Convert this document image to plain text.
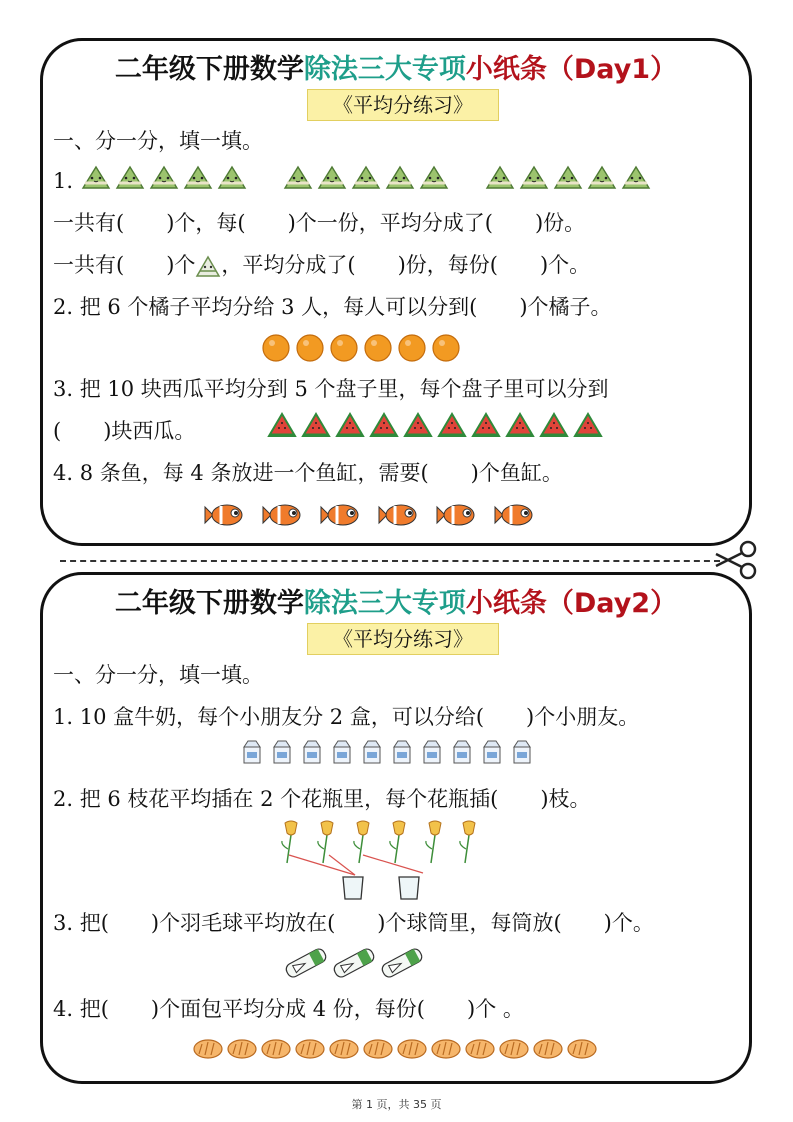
二年级下册数学除法三大专项小纸条（Day1）
《平均分练习》
一、分一分，填一填。
1.
一共有(　　)个，每(　　)个一份，平均分成了(　　)份。
一共有(　　)个 ，平均分成了(　　)份，每份(　　)个。
2. 把 6 个橘子平均分给 3 人，每人可以分到(　　)个橘子。
3. 把 10 块西瓜平均分到 5 个盘子里，每个盘子里可以分到
(　　)块西瓜。
4. 8 条鱼，每 4 条放进一个鱼缸，需要(　　)个鱼缸。
二年级下册数学除法三大专项小纸条（Day2）
《平均分练习》
一、分一分，填一填。
1. 10 盒牛奶，每个小朋友分 2 盒，可以分给(　　)个小朋友。
2. 把 6 枝花平均插在 2 个花瓶里，每个花瓶插(　　)枝。
3. 把(　　)个羽毛球平均放在(　　)个球筒里，每筒放(　　)个。
4. 把(　　)个面包平均分成 4 份，每份(　　)个 。
第 1 页，共 35 页
